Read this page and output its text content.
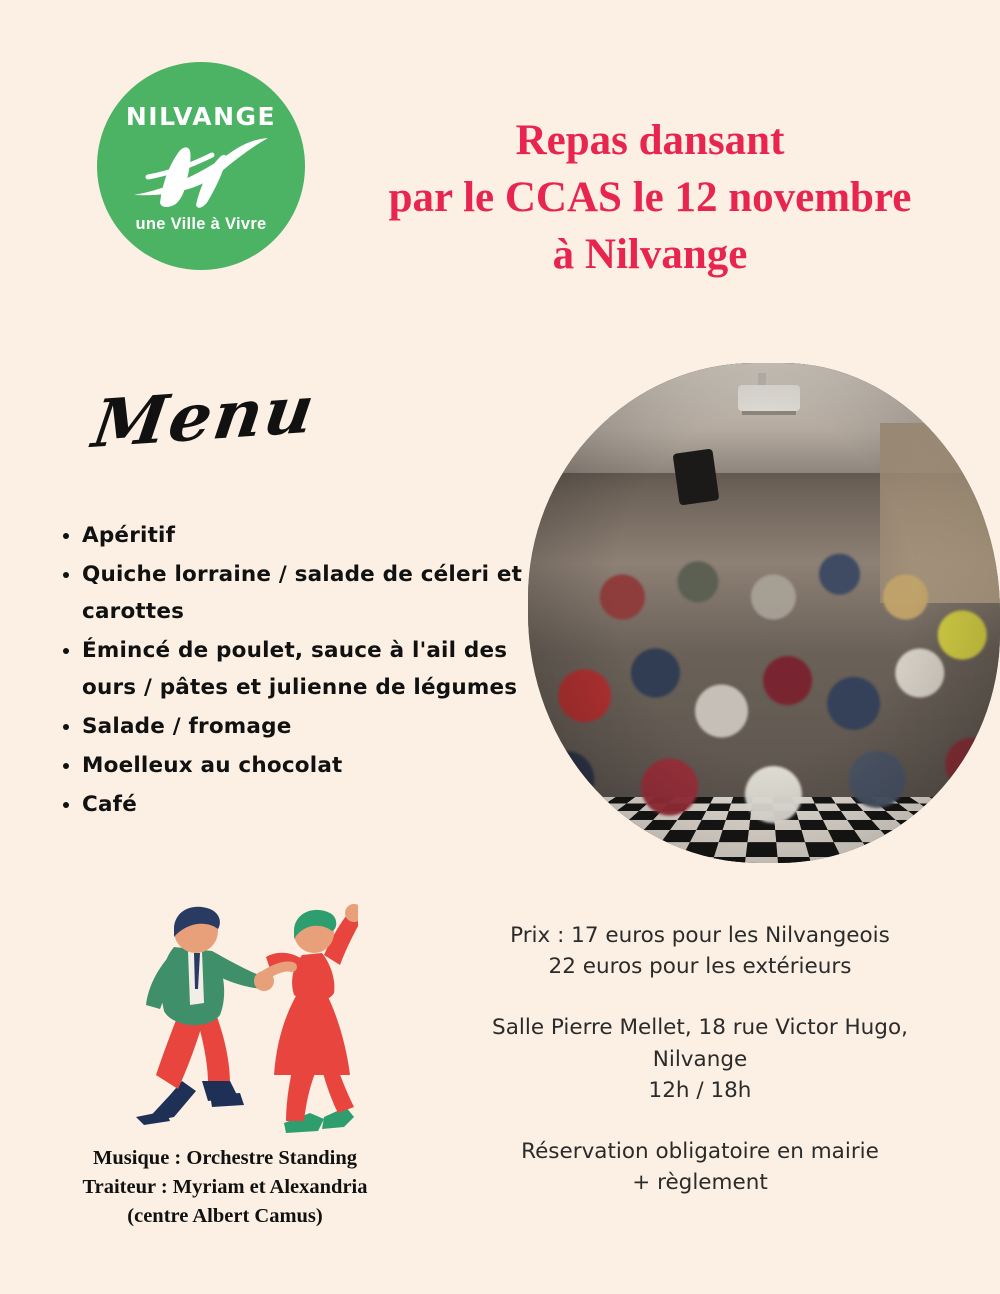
NILVANGE
une Ville à Vivre
Repas dansant
par le CCAS le 12 novembre
à Nilvange
Menu
• Apéritif
• Quiche lorraine / salade de céleri et carottes
• Émincé de poulet, sauce à l'ail des ours / pâtes et julienne de légumes
• Salade / fromage
• Moelleux au chocolat
• Café
Musique : Orchestre Standing
Traiteur : Myriam et Alexandria
(centre Albert Camus)
Prix : 17 euros pour les Nilvangeois
22 euros pour les extérieurs
Salle Pierre Mellet, 18 rue Victor Hugo,
Nilvange
12h / 18h
Réservation obligatoire en mairie
+ règlement
